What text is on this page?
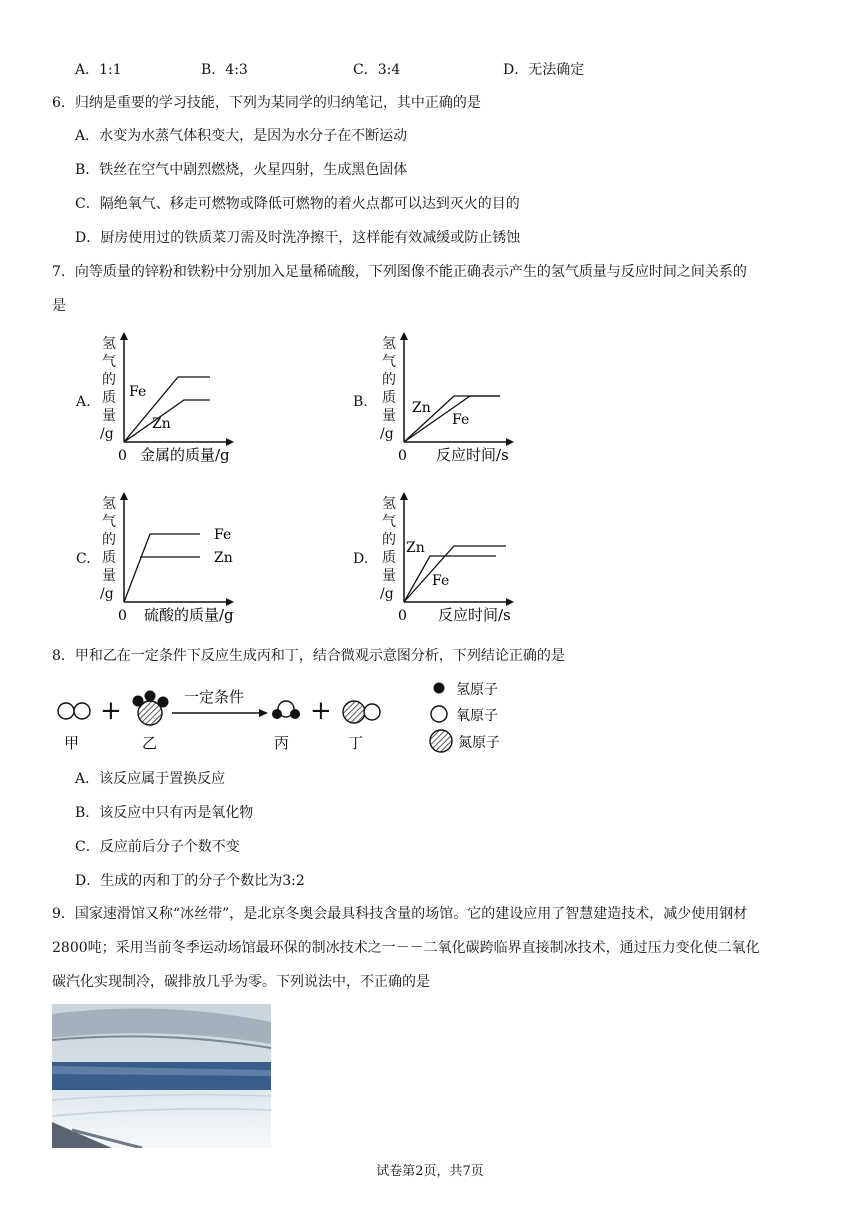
A．1:1	B．4:3	C．3:4	D．无法确定
6．归纳是重要的学习技能，下列为某同学的归纳笔记，其中正确的是
A．水变为水蒸气体积变大，是因为水分子在不断运动
B．铁丝在空气中剧烈燃烧，火星四射，生成黑色固体
C．隔绝氧气、移走可燃物或降低可燃物的着火点都可以达到灭火的目的
D．厨房使用过的铁质菜刀需及时洗净擦干，这样能有效减缓或防止锈蚀
7．向等质量的锌粉和铁粉中分别加入足量稀硫酸，下列图像不能正确表示产生的氢气质量与反应时间之间关系的
是
A.
氢
气
的
质
量
/g
Fe
Zn
0 金属的质量/g
B.
氢
气
的
质
量
/g
Zn
Fe
0 反应时间/s
C.
氢
气
的
质
量
/g
Fe
Zn
0 硫酸的质量/g
D.
氢
气
的
质
量
/g
Zn
Fe
0 反应时间/s
8．甲和乙在一定条件下反应生成丙和丁，结合微观示意图分析，下列结论正确的是
+	一定条件	+
甲	乙	丙	丁
氢原子
氧原子
氮原子
A．该反应属于置换反应
B．该反应中只有丙是氧化物
C．反应前后分子个数不变
D．生成的丙和丁的分子个数比为3:2
9．国家速滑馆又称“冰丝带”，是北京冬奥会最具科技含量的场馆。它的建设应用了智慧建造技术，减少使用钢材
2800吨；采用当前冬季运动场馆最环保的制冰技术之一－－二氧化碳跨临界直接制冰技术，通过压力变化使二氧化
碳汽化实现制冷，碳排放几乎为零。下列说法中，不正确的是
试卷第2页，共7页
